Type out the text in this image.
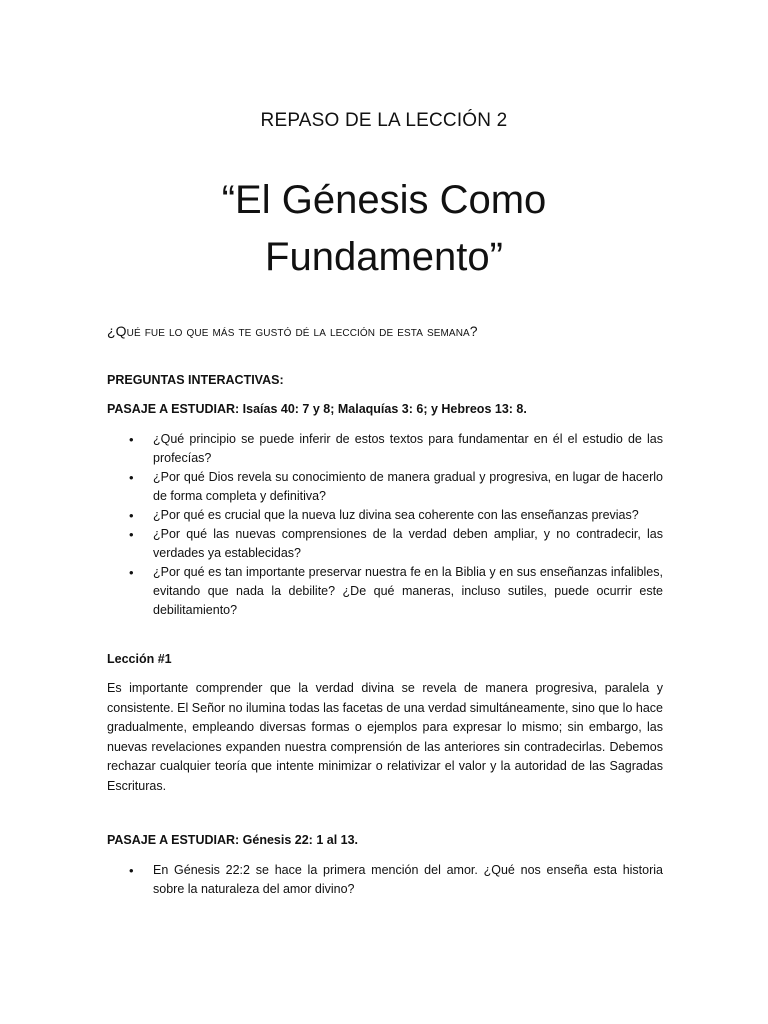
REPASO DE LA LECCIÓN 2
“El Génesis Como
Fundamento”
¿Qué fue lo que más te gustó dé la lección de esta semana?
PREGUNTAS INTERACTIVAS:
PASAJE A ESTUDIAR: Isaías 40: 7 y 8; Malaquías 3: 6; y Hebreos 13: 8.
• ¿Qué principio se puede inferir de estos textos para fundamentar en él el estudio de las profecías?
• ¿Por qué Dios revela su conocimiento de manera gradual y progresiva, en lugar de hacerlo de forma completa y definitiva?
• ¿Por qué es crucial que la nueva luz divina sea coherente con las enseñanzas previas?
• ¿Por qué las nuevas comprensiones de la verdad deben ampliar, y no contradecir, las verdades ya establecidas?
• ¿Por qué es tan importante preservar nuestra fe en la Biblia y en sus enseñanzas infalibles, evitando que nada la debilite? ¿De qué maneras, incluso sutiles, puede ocurrir este debilitamiento?
Lección #1

Es importante comprender que la verdad divina se revela de manera progresiva, paralela y consistente. El Señor no ilumina todas las facetas de una verdad simultáneamente, sino que lo hace gradualmente, empleando diversas formas o ejemplos para expresar lo mismo; sin embargo, las nuevas revelaciones expanden nuestra comprensión de las anteriores sin contradecirlas. Debemos rechazar cualquier teoría que intente minimizar o relativizar el valor y la autoridad de las Sagradas Escrituras.

PASAJE A ESTUDIAR: Génesis 22: 1 al 13.
• En Génesis 22:2 se hace la primera mención del amor. ¿Qué nos enseña esta historia sobre la naturaleza del amor divino?
